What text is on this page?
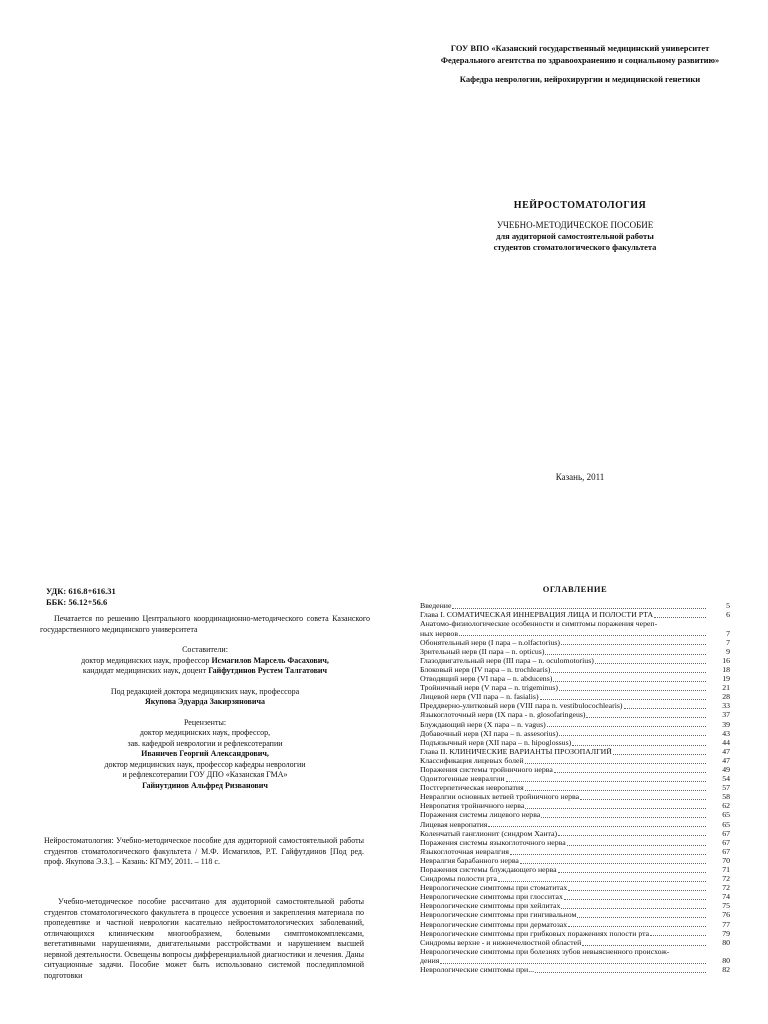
ГОУ ВПО «Казанский государственный медицинский университет
Федерального агентства по здравоохранению и социальному развитию»
Кафедра неврологии, нейрохирургии и медицинской генетики
НЕЙРОСТОМАТОЛОГИЯ
УЧЕБНО-МЕТОДИЧЕСКОЕ ПОСОБИЕ
для аудиторной самостоятельной работы
студентов стоматологического факультета
Казань, 2011
УДК: 616.8+616.31
ББК: 56.12+56.6

Печатается по решению Центрального координационно-методического совета Казанского государственного медицинского университета

Составители:
доктор медицинских наук, профессор Исмагилов Марсель Фасахович,
кандидат медицинских наук, доцент Гайфутдинов Рустем Талгатович

Под редакцией доктора медицинских наук, профессора
Якупова Эдуарда Закирзяновича

Рецензенты:
доктор медицинских наук, профессор,
зав. кафедрой неврологии и рефлексотерапии
Иваничев Георгий Александрович,
доктор медицинских наук, профессор кафедры неврологии
и рефлексотерапии ГОУ ДПО «Казанская ГМА»
Гайнутдинов Альфред Ризванович

Нейростоматология: Учебно-методическое пособие для аудиторной самостоятельной работы студентов стоматологического факультета / М.Ф. Исмагилов, Р.Т. Гайфутдинов [Под ред. проф. Якупова Э.З.]. – Казань: КГМУ, 2011. – 118 с.
Учебно-методическое пособие рассчитано для аудиторной самостоятельной работы студентов стоматологического факультета в процессе усвоения и закрепления материала по пропедевтике и частной неврологии касательно нейростоматологических заболеваний, отличающихся клиническим многообразием, болевыми симптомокомплексами, вегетативными нарушениями, двигательными расстройствами и нарушением высшей нервной деятельности. Освещены вопросы дифференциальной диагностики и лечения. Даны ситуационные задачи. Пособие может быть использовано системой последипломной подготовки
ОГЛАВЛЕНИЕ
Введение	5
Глава I. СОМАТИЧЕСКАЯ ИННЕРВАЦИЯ ЛИЦА И ПОЛОСТИ РТА	6
Анатомо-физиологические особенности и симптомы поражения череп-
ных нервов	7
Обонятельный нерв (I пара – n.olfactorius)	7
Зрительный нерв (II пара – n. opticus)	9
Глазодвигательный нерв (III пара – n. oculomotorius)	16
Блоковый нерв (IV пара – n. trochlearis)	18
Отводящий нерв (VI пара – n. abducens)	19
Тройничный нерв (V пара – n. trigeminus)	21
Лицевой нерв (VII пара – n. fasialis)	28
Преддверно-улитковый нерв (VIII пара n. vestibulocochlearis)	33
Языкоглоточный нерв (IX пара - n. glosofaringeus)	37
Блуждающий нерв (X пара – n. vagus)	39
Добавочный нерв (XI пара – n. assesorius)	43
Подъязычный нерв (XII пара – n. hipoglossus)	44
Глава II. КЛИНИЧЕСКИЕ ВАРИАНТЫ ПРОЗОПАЛГИЙ	47
Классификация лицевых болей	47
Поражения системы тройничного нерва	49
Одонтогенные невралгии	54
Постгерпетическая невропатия	57
Невралгии основных ветвей тройничного нерва	58
Невропатия тройничного нерва	62
Поражения системы лицевого нерва	65
Лицевая невропатия	65
Коленчатый ганглионит (синдром Ханта)	67
Поражения системы языкоглоточного нерва	67
Языкоглоточная невралгия	67
Невралгия барабанного нерва	70
Поражения системы блуждающего нерва	71
Синдромы полости рта	72
Неврологические симптомы при стоматитах	72
Неврологические симптомы при глосситах	74
Неврологические симптомы при хейлитах	75
Неврологические симптомы при гингивальном	76
Неврологические симптомы при дерматозах	77
Неврологические симптомы при грибковых поражениях полости рта	79
Синдромы верхне - и нижнечелюстной областей	80
Неврологические симптомы при болезнях зубов невыясненного происхож-
дения	80
Неврологические симптомы при...	82
